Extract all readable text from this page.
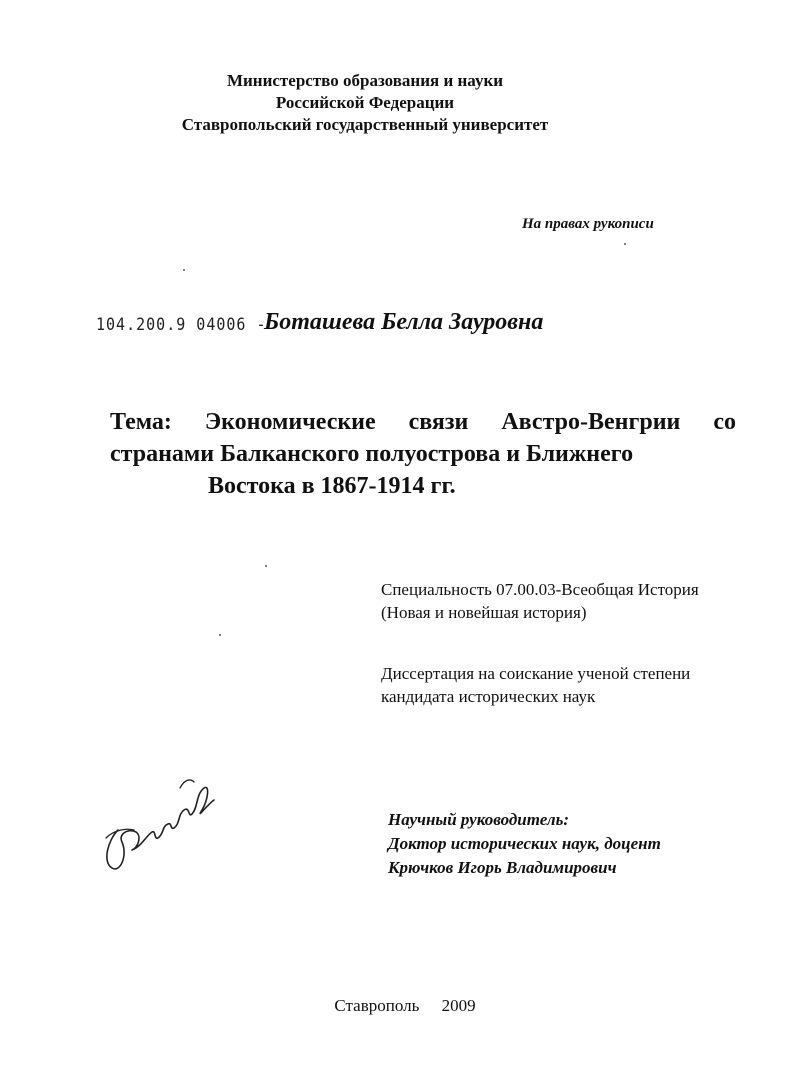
Министерство образования и науки
Российской Федерации
Ставропольский государственный университет
На правах рукописи
104.200.9 04006 -
Боташева Белла Зауровна
Тема: Экономические связи Австро-Венгрии со
странами Балканского полуострова и Ближнего
Востока в 1867-1914 гг.
Специальность 07.00.03-Всеобщая История
(Новая и новейшая история)
Диссертация на соискание ученой степени
кандидата исторических наук
Научный руководитель:
Доктор исторических наук, доцент
Крючков Игорь Владимирович
Ставрополь 2009
